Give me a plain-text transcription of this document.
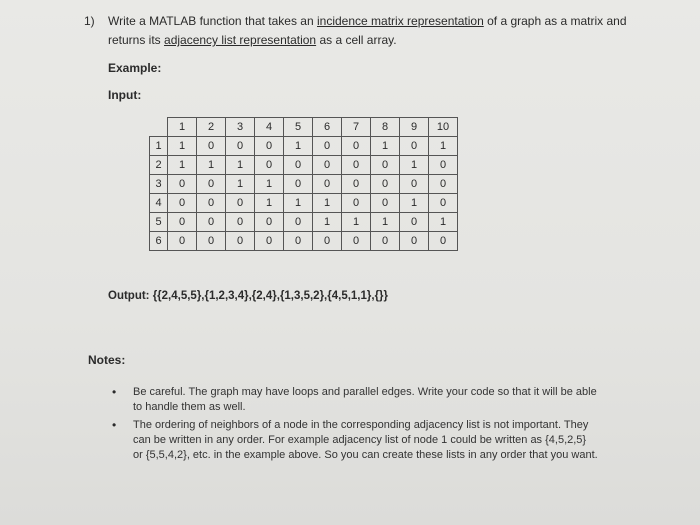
1) Write a MATLAB function that takes an incidence matrix representation of a graph as a matrix and
returns its adjacency list representation as a cell array.
Example:
Input:
	1	2	3	4	5	6	7	8	9	10
1	1	0	0	0	1	0	0	1	0	1
2	1	1	1	0	0	0	0	0	1	0
3	0	0	1	1	0	0	0	0	0	0
4	0	0	0	1	1	1	0	0	1	0
5	0	0	0	0	0	1	1	1	0	1
6	0	0	0	0	0	0	0	0	0	0
Output: {{2,4,5,5},{1,2,3,4},{2,4},{1,3,5,2},{4,5,1,1},{}}
Notes:
• Be careful. The graph may have loops and parallel edges. Write your code so that it will be able
to handle them as well.
• The ordering of neighbors of a node in the corresponding adjacency list is not important. They
can be written in any order. For example adjacency list of node 1 could be written as {4,5,2,5}
or {5,5,4,2}, etc. in the example above. So you can create these lists in any order that you want.
